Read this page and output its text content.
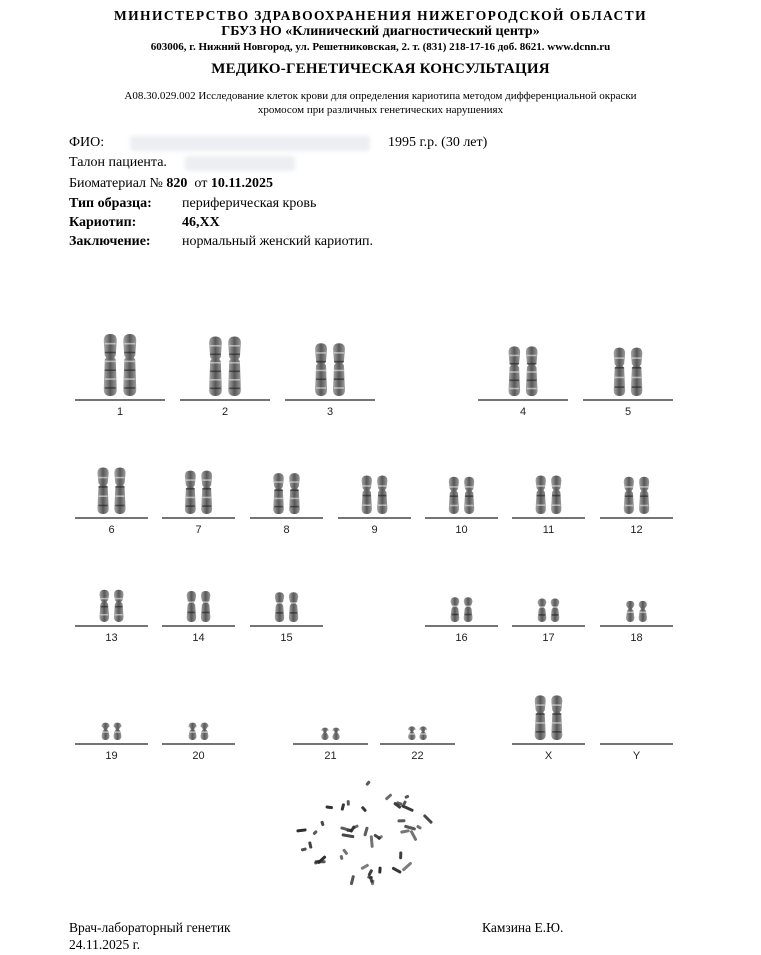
МИНИСТЕРСТВО ЗДРАВООХРАНЕНИЯ НИЖЕГОРОДСКОЙ ОБЛАСТИ
ГБУЗ НО «Клинический диагностический центр»
603006, г. Нижний Новгород, ул. Решетниковская, 2. т. (831) 218-17-16 доб. 8621. www.dcnn.ru
МЕДИКО-ГЕНЕТИЧЕСКАЯ КОНСУЛЬТАЦИЯ
А08.30.029.002 Исследование клеток крови для определения кариотипа методом дифференциальной окраски
хромосом при различных генетических нарушениях
ФИО:	1995 г.р. (30 лет)
Талон пациента.
Биоматериал № 820 от 10.11.2025
Тип образца: периферическая кровь
Кариотип:	46,XX
Заключение: нормальный женский кариотип.
1	2	3	4	5
6	7	8	9	10	11	12
13	14	15	16	17	18
19	20	21	22	X	Y
Врач-лабораторный генетик
24.11.2025 г.
Камзина Е.Ю.
